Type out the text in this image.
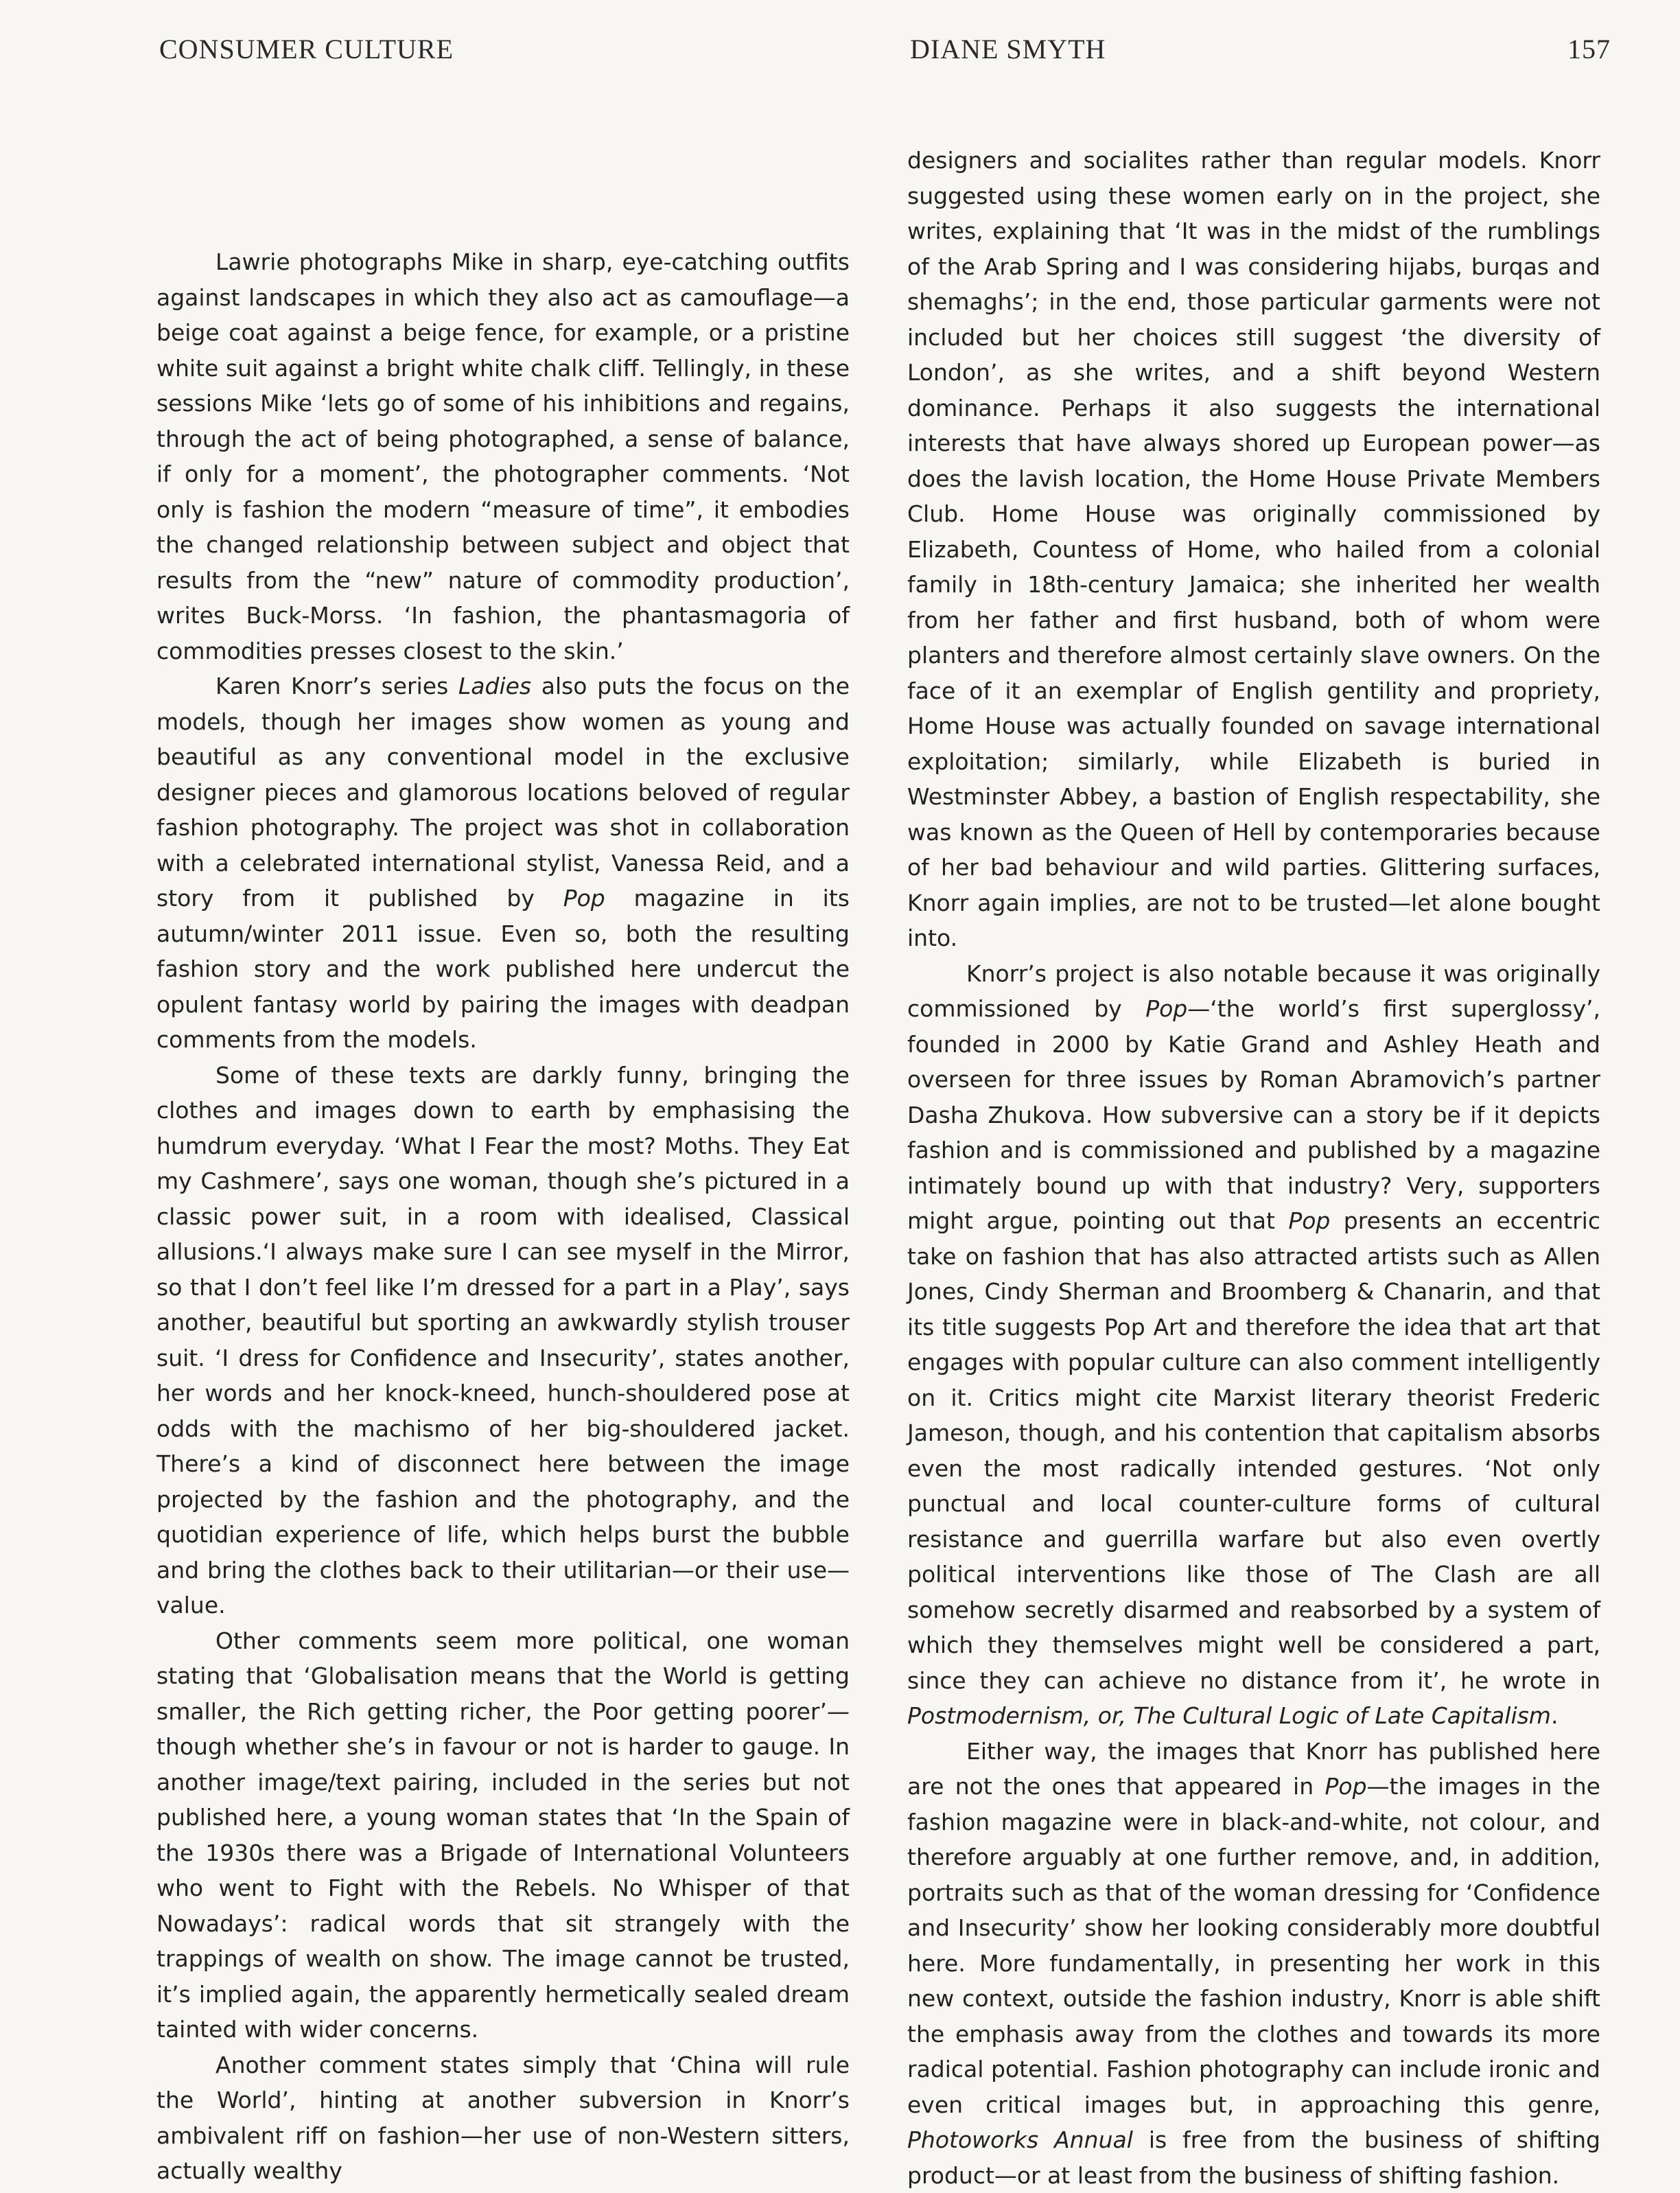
CONSUMER CULTURE	DIANE SMYTH	157

Lawrie photographs Mike in sharp, eye-catching outfits against landscapes in which they also act as camouflage—a beige coat against a beige fence, for example, or a pristine white suit against a bright white chalk cliff. Tellingly, in these sessions Mike ‘lets go of some of his inhibitions and regains, through the act of being photographed, a sense of balance, if only for a moment’, the photographer comments. ‘Not only is fashion the modern “measure of time”, it embodies the changed relationship between subject and object that results from the “new” nature of commodity production’, writes Buck-Morss. ‘In fashion, the phantasmagoria of commodities presses closest to the skin.’

Karen Knorr’s series Ladies also puts the focus on the models, though her images show women as young and beautiful as any conventional model in the exclusive designer pieces and glamorous locations beloved of regular fashion photography. The project was shot in collaboration with a celebrated international stylist, Vanessa Reid, and a story from it published by Pop magazine in its autumn/winter 2011 issue. Even so, both the resulting fashion story and the work published here undercut the opulent fantasy world by pairing the images with deadpan comments from the models.

Some of these texts are darkly funny, bringing the clothes and images down to earth by emphasising the humdrum everyday. ‘What I Fear the most? Moths. They Eat my Cashmere’, says one woman, though she’s pictured in a classic power suit, in a room with idealised, Classical allusions.‘I always make sure I can see myself in the Mirror, so that I don’t feel like I’m dressed for a part in a Play’, says another, beautiful but sporting an awkwardly stylish trouser suit. ‘I dress for Confidence and Insecurity’, states another, her words and her knock-kneed, hunch-shouldered pose at odds with the machismo of her big-shouldered jacket. There’s a kind of disconnect here between the image projected by the fashion and the photography, and the quotidian experience of life, which helps burst the bubble and bring the clothes back to their utilitarian—or their use—value.

Other comments seem more political, one woman stating that ‘Globalisation means that the World is getting smaller, the Rich getting richer, the Poor getting poorer’—though whether she’s in favour or not is harder to gauge. In another image/text pairing, included in the series but not published here, a young woman states that ‘In the Spain of the 1930s there was a Brigade of International Volunteers who went to Fight with the Rebels. No Whisper of that Nowadays’: radical words that sit strangely with the trappings of wealth on show. The image cannot be trusted, it’s implied again, the apparently hermetically sealed dream tainted with wider concerns.

Another comment states simply that ‘China will rule the World’, hinting at another subversion in Knorr’s ambivalent riff on fashion—her use of non-Western sitters, actually wealthy

designers and socialites rather than regular models. Knorr suggested using these women early on in the project, she writes, explaining that ‘It was in the midst of the rumblings of the Arab Spring and I was considering hijabs, burqas and shemaghs’; in the end, those particular garments were not included but her choices still suggest ‘the diversity of London’, as she writes, and a shift beyond Western dominance. Perhaps it also suggests the international interests that have always shored up European power—as does the lavish location, the Home House Private Members Club. Home House was originally commissioned by Elizabeth, Countess of Home, who hailed from a colonial family in 18th-century Jamaica; she inherited her wealth from her father and first husband, both of whom were planters and therefore almost certainly slave owners. On the face of it an exemplar of English gentility and propriety, Home House was actually founded on savage international exploitation; similarly, while Elizabeth is buried in Westminster Abbey, a bastion of English respectability, she was known as the Queen of Hell by contemporaries because of her bad behaviour and wild parties. Glittering surfaces, Knorr again implies, are not to be trusted—let alone bought into.

Knorr’s project is also notable because it was originally commissioned by Pop—‘the world’s first superglossy’, founded in 2000 by Katie Grand and Ashley Heath and overseen for three issues by Roman Abramovich’s partner Dasha Zhukova. How subversive can a story be if it depicts fashion and is commissioned and published by a magazine intimately bound up with that industry? Very, supporters might argue, pointing out that Pop presents an eccentric take on fashion that has also attracted artists such as Allen Jones, Cindy Sherman and Broomberg & Chanarin, and that its title suggests Pop Art and therefore the idea that art that engages with popular culture can also comment intelligently on it. Critics might cite Marxist literary theorist Frederic Jameson, though, and his contention that capitalism absorbs even the most radically intended gestures. ‘Not only punctual and local counter-culture forms of cultural resistance and guerrilla warfare but also even overtly political interventions like those of The Clash are all somehow secretly disarmed and reabsorbed by a system of which they themselves might well be considered a part, since they can achieve no distance from it’, he wrote in Postmodernism, or, The Cultural Logic of Late Capitalism.

Either way, the images that Knorr has published here are not the ones that appeared in Pop—the images in the fashion magazine were in black-and-white, not colour, and therefore arguably at one further remove, and, in addition, portraits such as that of the woman dressing for ‘Confidence and Insecurity’ show her looking considerably more doubtful here. More fundamentally, in presenting her work in this new context, outside the fashion industry, Knorr is able shift the emphasis away from the clothes and towards its more radical potential. Fashion photography can include ironic and even critical images but, in approaching this genre, Photoworks Annual is free from the business of shifting product—or at least from the business of shifting fashion.
